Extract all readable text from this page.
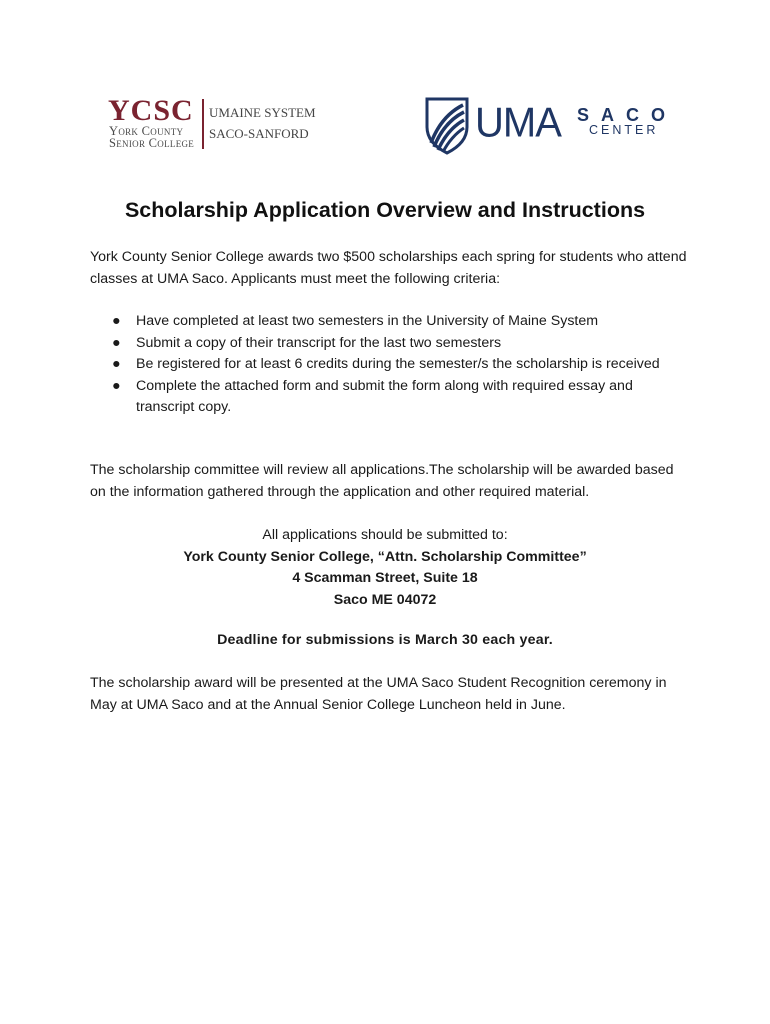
YCSC
York County
Senior College
UMAINE SYSTEM
SACO-SANFORD	UMA SACO
CENTER
Scholarship Application Overview and Instructions

York County Senior College awards two $500 scholarships each spring for students who attend classes at UMA Saco. Applicants must meet the following criteria:

● Have completed at least two semesters in the University of Maine System
● Submit a copy of their transcript for the last two semesters
● Be registered for at least 6 credits during the semester/s the scholarship is received
● Complete the attached form and submit the form along with required essay and transcript copy.

The scholarship committee will review all applications.The scholarship will be awarded based on the information gathered through the application and other required material.

All applications should be submitted to:
York County Senior College, “Attn. Scholarship Committee”
4 Scamman Street, Suite 18
Saco ME 04072

Deadline for submissions is March 30 each year.

The scholarship award will be presented at the UMA Saco Student Recognition ceremony in May at UMA Saco and at the Annual Senior College Luncheon held in June.
